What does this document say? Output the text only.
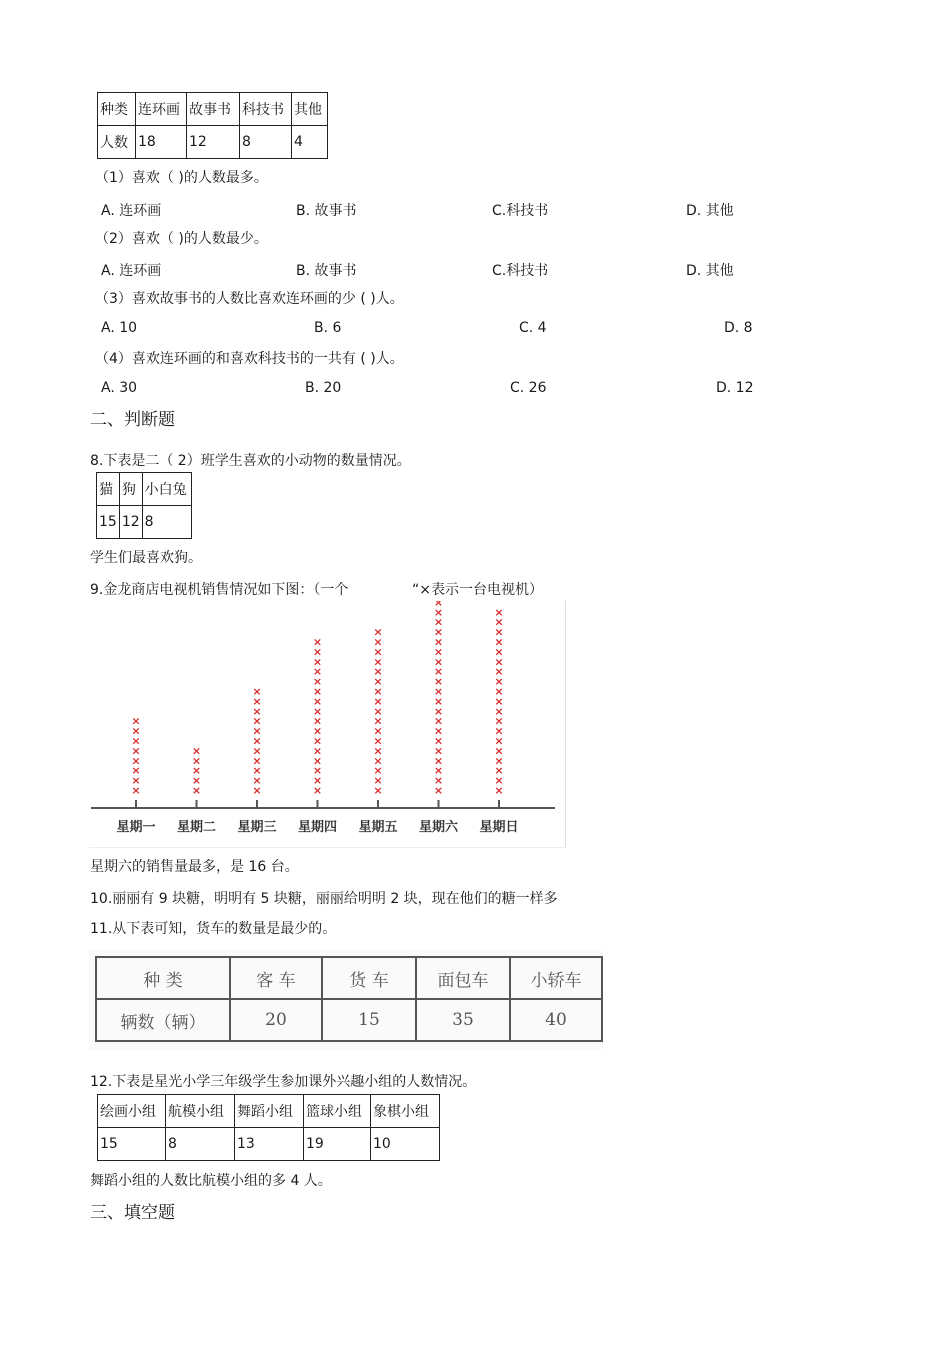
种类	连环画	故事书	科技书	其他
人数	18	12	8	4
（1）喜欢（ )的人数最多。
A. 连环画	B. 故事书	C.科技书	D. 其他
（2）喜欢（ )的人数最少。
A. 连环画	B. 故事书	C.科技书	D. 其他
（3）喜欢故事书的人数比喜欢连环画的少 ( )人。
A. 10	B. 6	C. 4	D. 8
（4）喜欢连环画的和喜欢科技书的一共有 ( )人。
A. 30	B. 20	C. 26	D. 12
二、判断题
8.下表是二（ 2）班学生喜欢的小动物的数量情况。
猫	狗	小白兔
15	12	8
学生们最喜欢狗。
9.金龙商店电视机销售情况如下图：（一个	“×表示一台电视机）
×
×
×
×
×
×
×
×
×
×
×
×
×
×
×
×
×
×
×
×
×
×
×
×
×
×
×
×
×
×
×
×
×
×
×
×
×
×
×
×
×
×
×
×
×
×
×
×
×
×
×
×
×
×
×
×
×
×
×
×
×
×
×
×
×
×
×
×
×
×
×
×
×
×
×
×
×
×
×
×
×
×
×
×
×
×
×
×
×
×
×
×
×
×
×
×
星期一 星期二 星期三 星期四 星期五 星期六 星期日
星期六的销售量最多，是 16 台。
10.丽丽有 9 块糖，明明有 5 块糖，丽丽给明明 2 块，现在他们的糖一样多
11.从下表可知，货车的数量是最少的。
种 类	客 车	货 车	面包车	小轿车
辆数（辆）	20	15	35	40
12.下表是星光小学三年级学生参加课外兴趣小组的人数情况。
绘画小组	航模小组	舞蹈小组	篮球小组	象棋小组
15	8	13	19	10
舞蹈小组的人数比航模小组的多 4 人。
三、填空题
